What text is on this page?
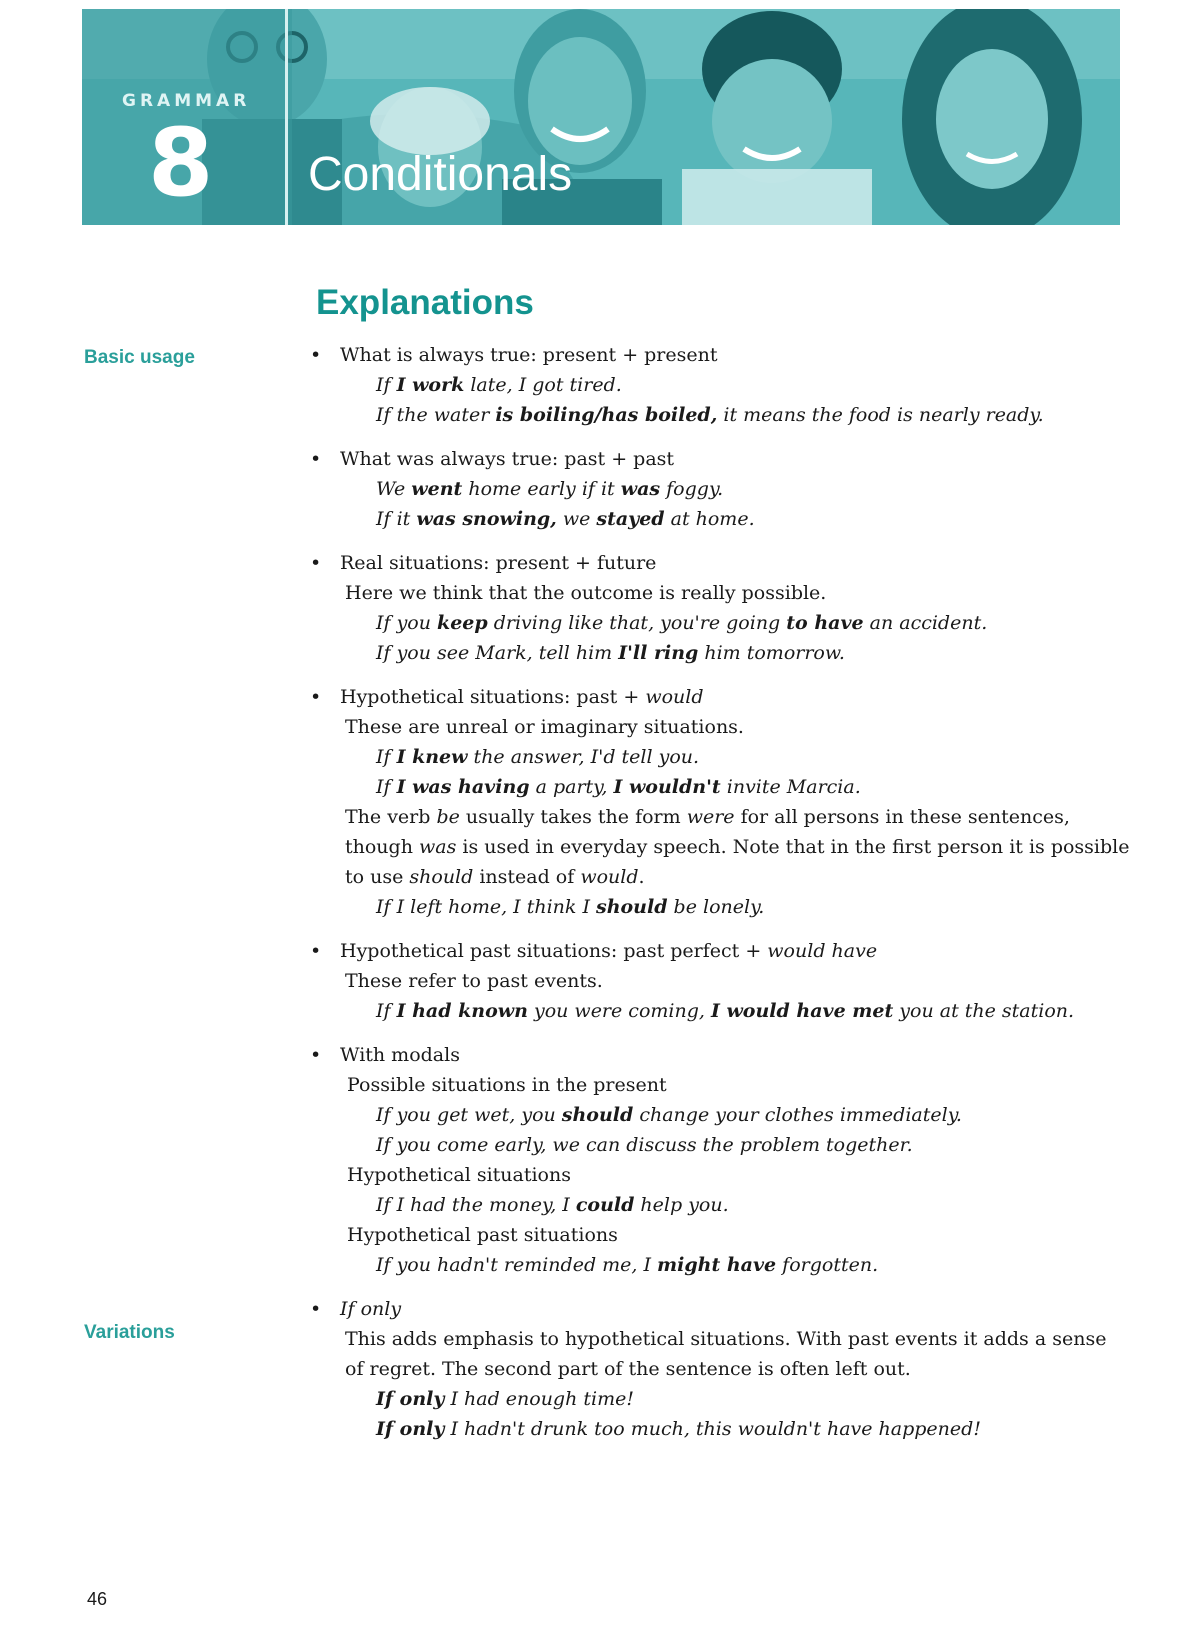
GRAMMAR
8 Conditionals
Explanations
Basic usage
Variations
• What is always true: present + present
If I work late, I got tired.
If the water is boiling/has boiled, it means the food is nearly ready.
• What was always true: past + past
We went home early if it was foggy.
If it was snowing, we stayed at home.
• Real situations: present + future
Here we think that the outcome is really possible.
If you keep driving like that, you're going to have an accident.
If you see Mark, tell him I'll ring him tomorrow.
• Hypothetical situations: past + would
These are unreal or imaginary situations.
If I knew the answer, I'd tell you.
If I was having a party, I wouldn't invite Marcia.
The verb be usually takes the form were for all persons in these sentences, though was is used in everyday speech. Note that in the first person it is possible to use should instead of would.
If I left home, I think I should be lonely.
• Hypothetical past situations: past perfect + would have
These refer to past events.
If I had known you were coming, I would have met you at the station.
• With modals
Possible situations in the present
If you get wet, you should change your clothes immediately.
If you come early, we can discuss the problem together.
Hypothetical situations
If I had the money, I could help you.
Hypothetical past situations
If you hadn't reminded me, I might have forgotten.
• If only
This adds emphasis to hypothetical situations. With past events it adds a sense of regret. The second part of the sentence is often left out.
If only I had enough time!
If only I hadn't drunk too much, this wouldn't have happened!
46
